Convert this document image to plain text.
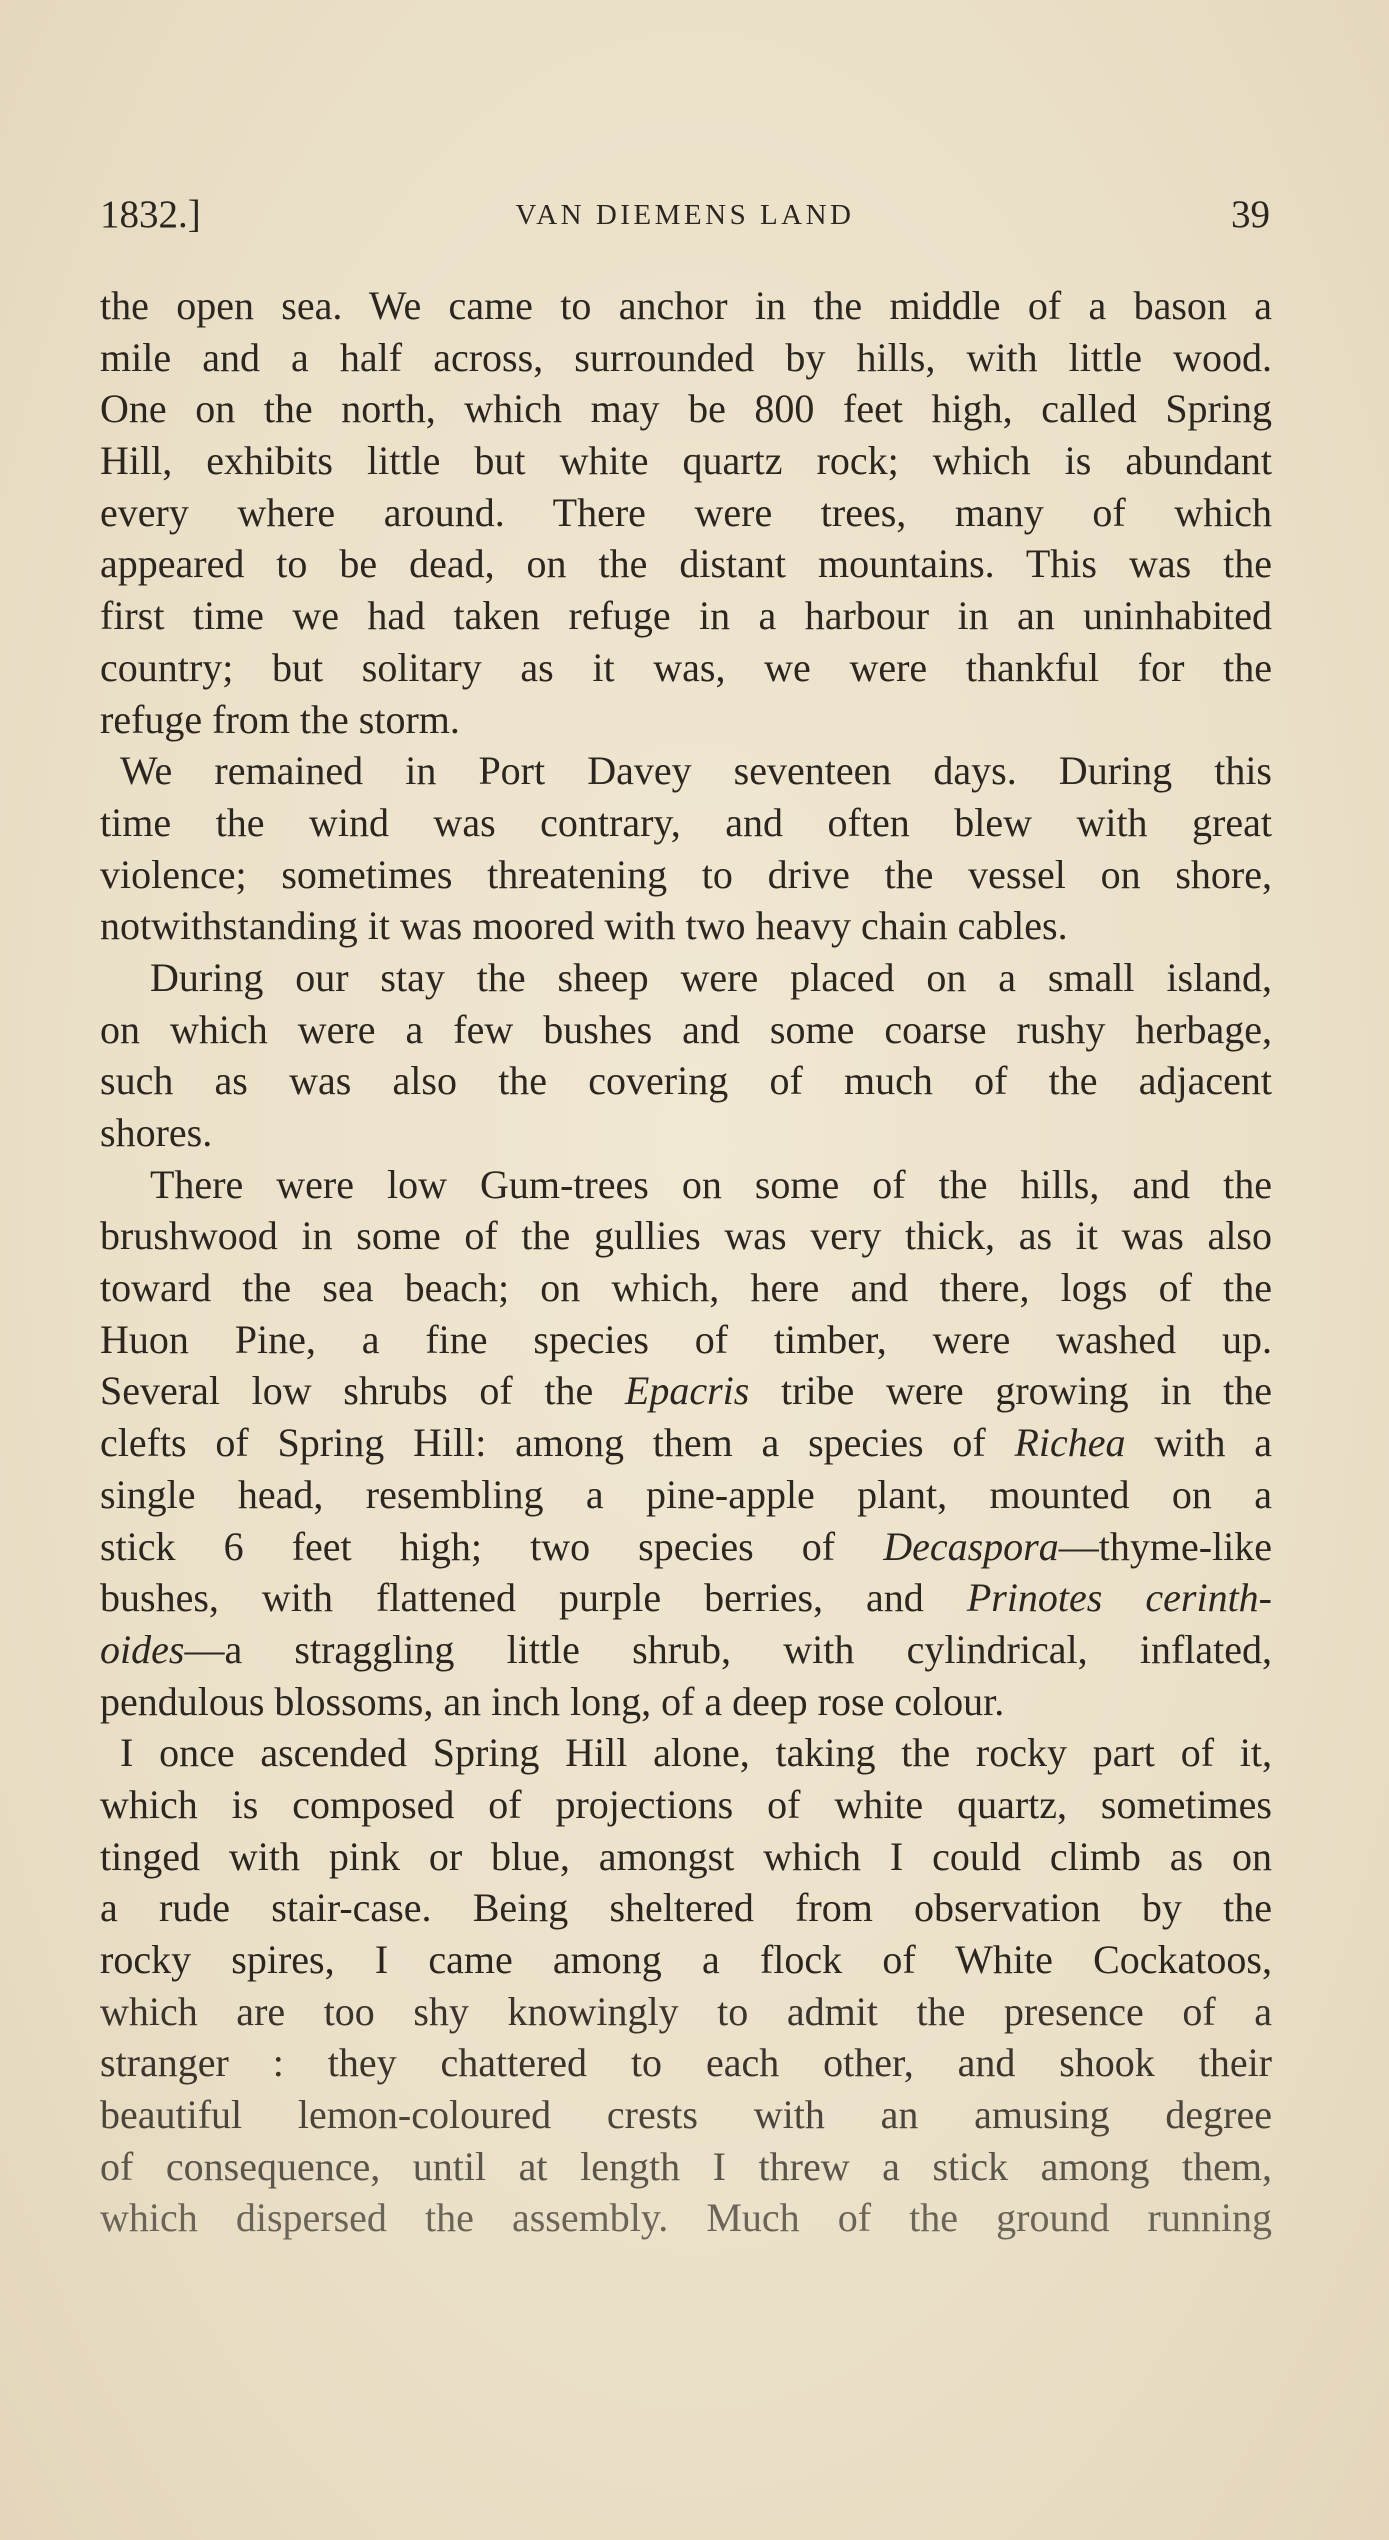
1832.]	VAN DIEMENS LAND	39
the open sea. We came to anchor in the middle of a bason a
mile and a half across, surrounded by hills, with little wood.
One on the north, which may be 800 feet high, called Spring
Hill, exhibits little but white quartz rock; which is abundant
every where around. There were trees, many of which
appeared to be dead, on the distant mountains. This was the
first time we had taken refuge in a harbour in an uninhabited
country; but solitary as it was, we were thankful for the
refuge from the storm.
We remained in Port Davey seventeen days. During this
time the wind was contrary, and often blew with great
violence; sometimes threatening to drive the vessel on shore,
notwithstanding it was moored with two heavy chain cables.
During our stay the sheep were placed on a small island,
on which were a few bushes and some coarse rushy herbage,
such as was also the covering of much of the adjacent
shores.
There were low Gum-trees on some of the hills, and the
brushwood in some of the gullies was very thick, as it was also
toward the sea beach; on which, here and there, logs of the
Huon Pine, a fine species of timber, were washed up.
Several low shrubs of the Epacris tribe were growing in the
clefts of Spring Hill: among them a species of Richea with a
single head, resembling a pine-apple plant, mounted on a
stick 6 feet high; two species of Decaspora—thyme-like
bushes, with flattened purple berries, and Prinotes cerinth-
oides—a straggling little shrub, with cylindrical, inflated,
pendulous blossoms, an inch long, of a deep rose colour.
I once ascended Spring Hill alone, taking the rocky part of it,
which is composed of projections of white quartz, sometimes
tinged with pink or blue, amongst which I could climb as on
a rude stair-case. Being sheltered from observation by the
rocky spires, I came among a flock of White Cockatoos,
which are too shy knowingly to admit the presence of a
stranger : they chattered to each other, and shook their
beautiful lemon-coloured crests with an amusing degree
of consequence, until at length I threw a stick among them,
which dispersed the assembly. Much of the ground running
